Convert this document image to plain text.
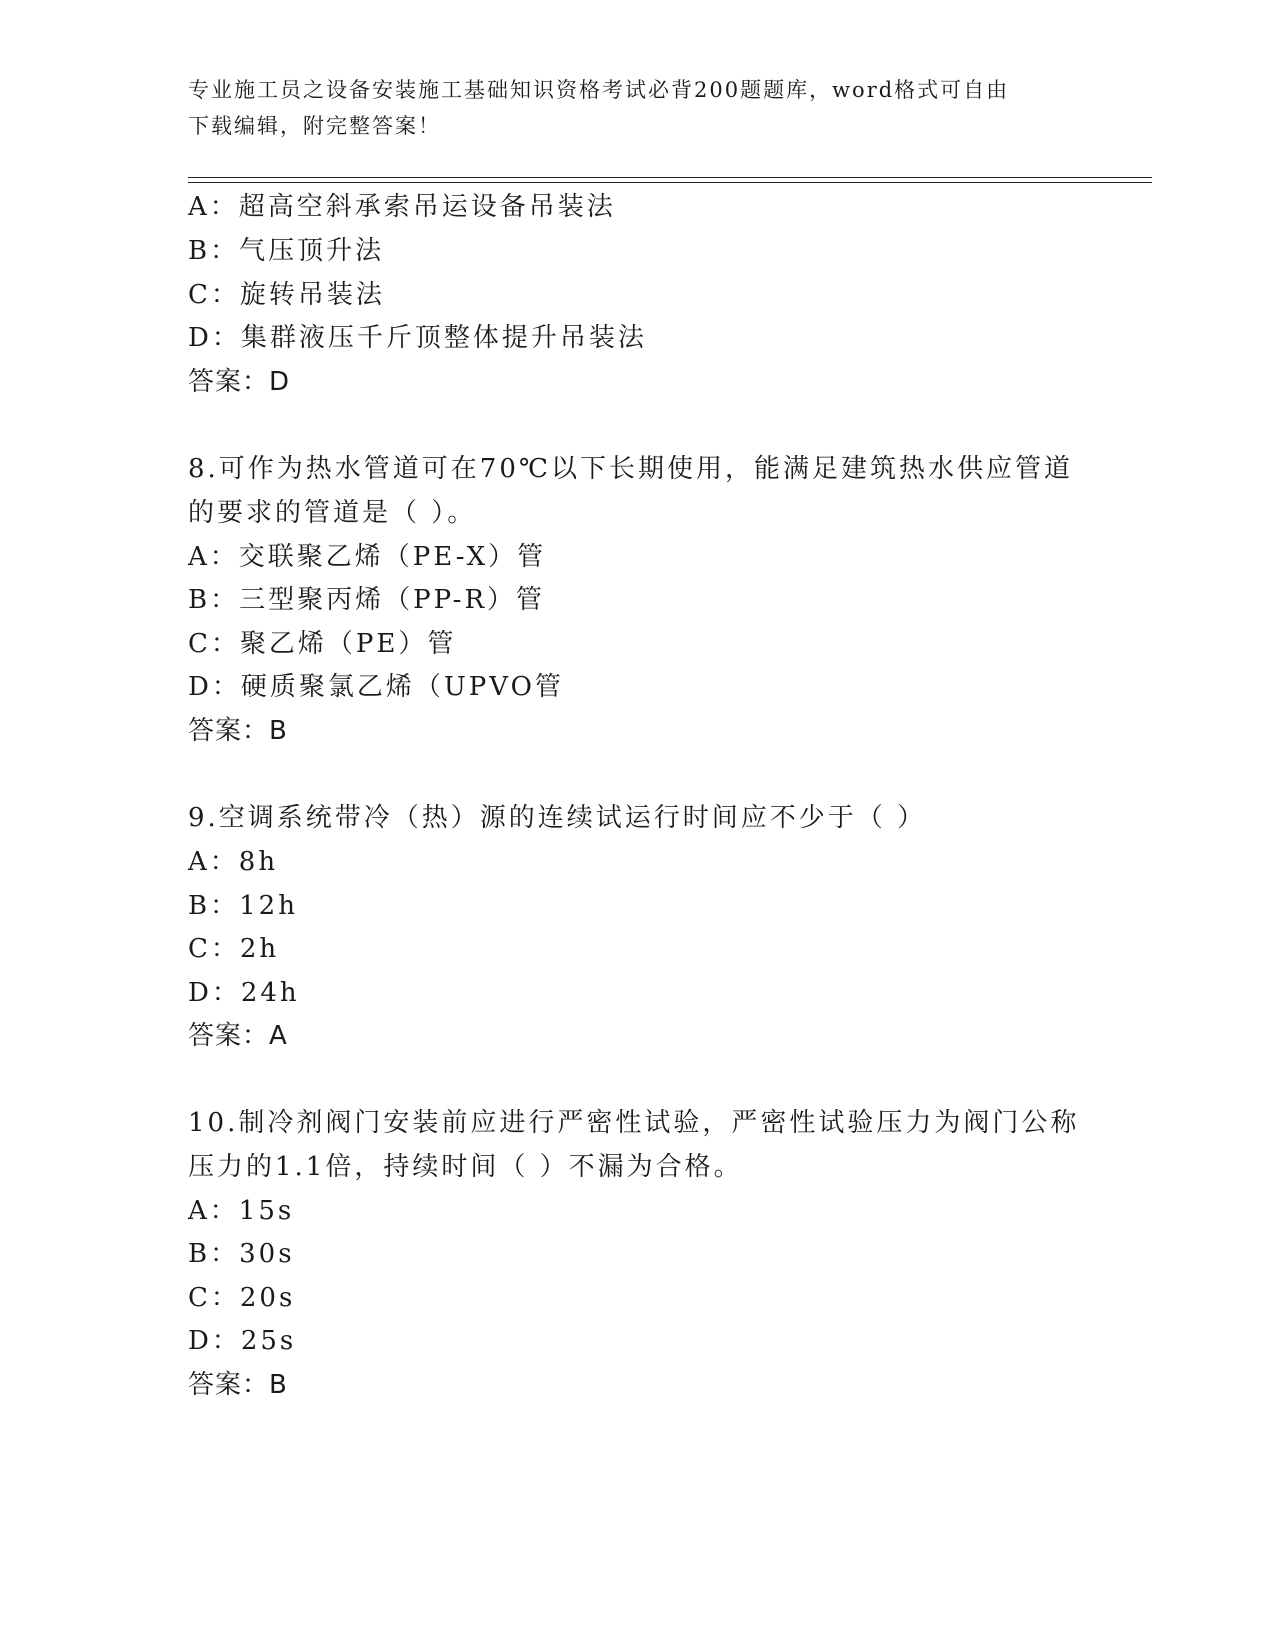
专业施工员之设备安装施工基础知识资格考试必背200题题库，word格式可自由
下载编辑，附完整答案！
A：超高空斜承索吊运设备吊装法
B：气压顶升法
C：旋转吊装法
D：集群液压千斤顶整体提升吊装法
答案：D
8.可作为热水管道可在70℃以下长期使用，能满足建筑热水供应管道
的要求的管道是（ ）。
A：交联聚乙烯（PE-X）管
B：三型聚丙烯（PP-R）管
C：聚乙烯（PE）管
D：硬质聚氯乙烯（UPVO管
答案：B
9.空调系统带冷（热）源的连续试运行时间应不少于（ ）
A：8h
B：12h
C：2h
D：24h
答案：A
10.制冷剂阀门安装前应进行严密性试验，严密性试验压力为阀门公称
压力的1.1倍，持续时间（ ）不漏为合格。
A：15s
B：30s
C：20s
D：25s
答案：B
